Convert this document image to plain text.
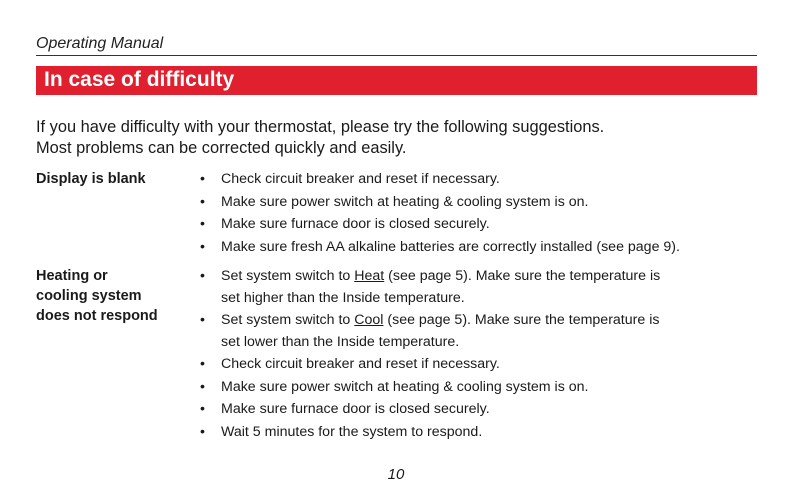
Operating Manual
In case of difficulty
If you have difficulty with your thermostat, please try the following suggestions.
Most problems can be corrected quickly and easily.
Display is blank	• Check circuit breaker and reset if necessary.
• Make sure power switch at heating & cooling system is on.
• Make sure furnace door is closed securely.
• Make sure fresh AA alkaline batteries are correctly installed (see page 9).
Heating or
cooling system
does not respond
• Set system switch to Heat (see page 5). Make sure the temperature is
set higher than the Inside temperature.
• Set system switch to Cool (see page 5). Make sure the temperature is
set lower than the Inside temperature.
• Check circuit breaker and reset if necessary.
• Make sure power switch at heating & cooling system is on.
• Make sure furnace door is closed securely.
• Wait 5 minutes for the system to respond.
10
